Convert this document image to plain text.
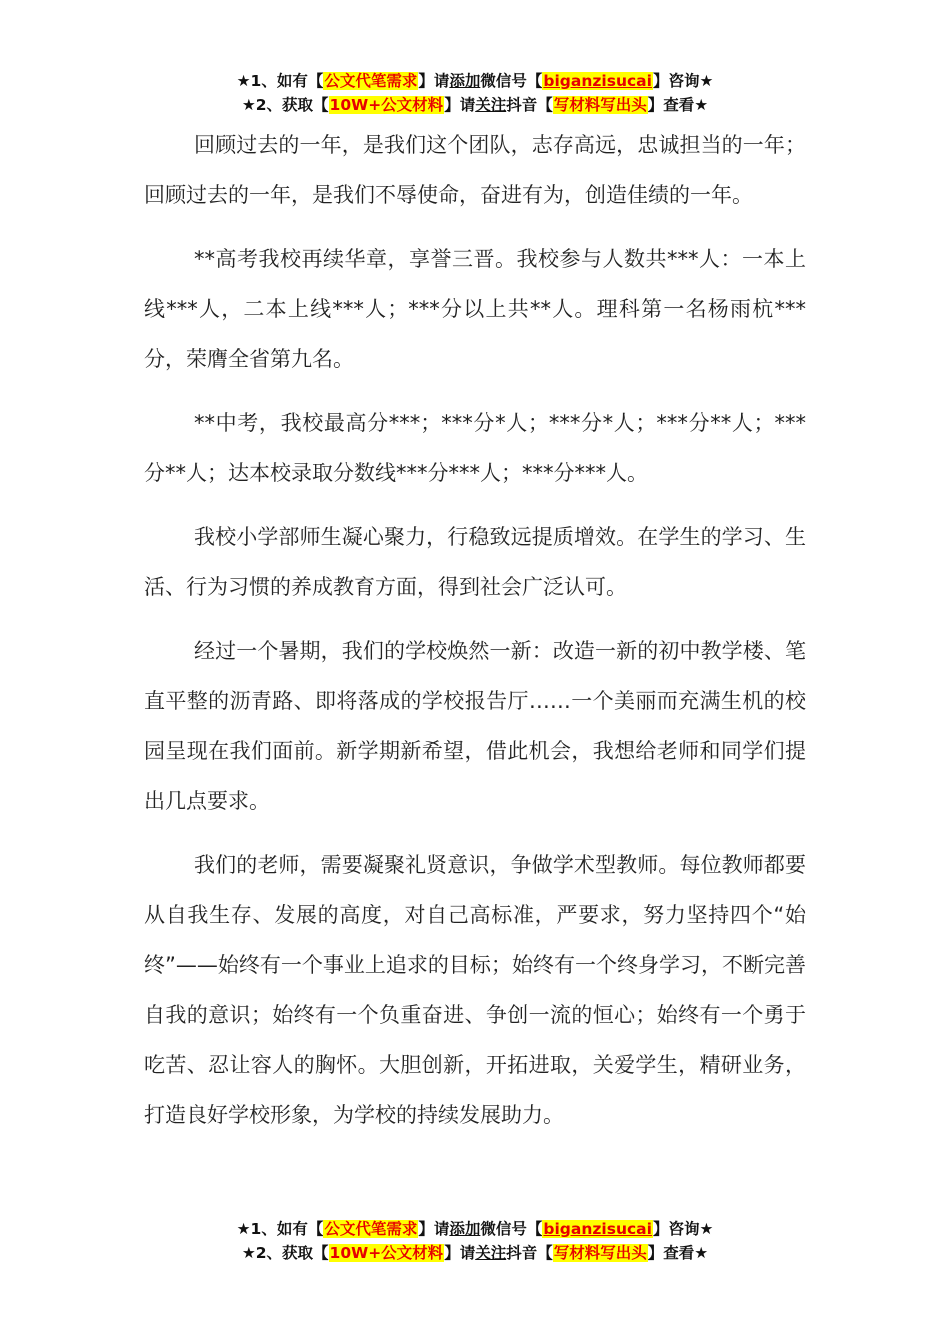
★1、如有【公文代笔需求】请添加微信号【biganzisucai】咨询★
★2、获取【10W+公文材料】请关注抖音【写材料写出头】查看★

回顾过去的一年，是我们这个团队，志存高远，忠诚担当的一年；回顾过去的一年，是我们不辱使命，奋进有为，创造佳绩的一年。

**高考我校再续华章，享誉三晋。我校参与人数共***人：一本上线***人，二本上线***人；***分以上共**人。理科第一名杨雨杭***分，荣膺全省第九名。

**中考，我校最高分***；***分*人；***分*人；***分**人；***分**人；达本校录取分数线***分***人；***分***人。

我校小学部师生凝心聚力，行稳致远提质增效。在学生的学习、生活、行为习惯的养成教育方面，得到社会广泛认可。

经过一个暑期，我们的学校焕然一新：改造一新的初中教学楼、笔直平整的沥青路、即将落成的学校报告厅……一个美丽而充满生机的校园呈现在我们面前。新学期新希望，借此机会，我想给老师和同学们提出几点要求。

我们的老师，需要凝聚礼贤意识，争做学术型教师。每位教师都要从自我生存、发展的高度，对自己高标准，严要求，努力坚持四个“始终”——始终有一个事业上追求的目标；始终有一个终身学习，不断完善自我的意识；始终有一个负重奋进、争创一流的恒心；始终有一个勇于吃苦、忍让容人的胸怀。大胆创新，开拓进取，关爱学生，精研业务，打造良好学校形象，为学校的持续发展助力。

★1、如有【公文代笔需求】请添加微信号【biganzisucai】咨询★
★2、获取【10W+公文材料】请关注抖音【写材料写出头】查看★
